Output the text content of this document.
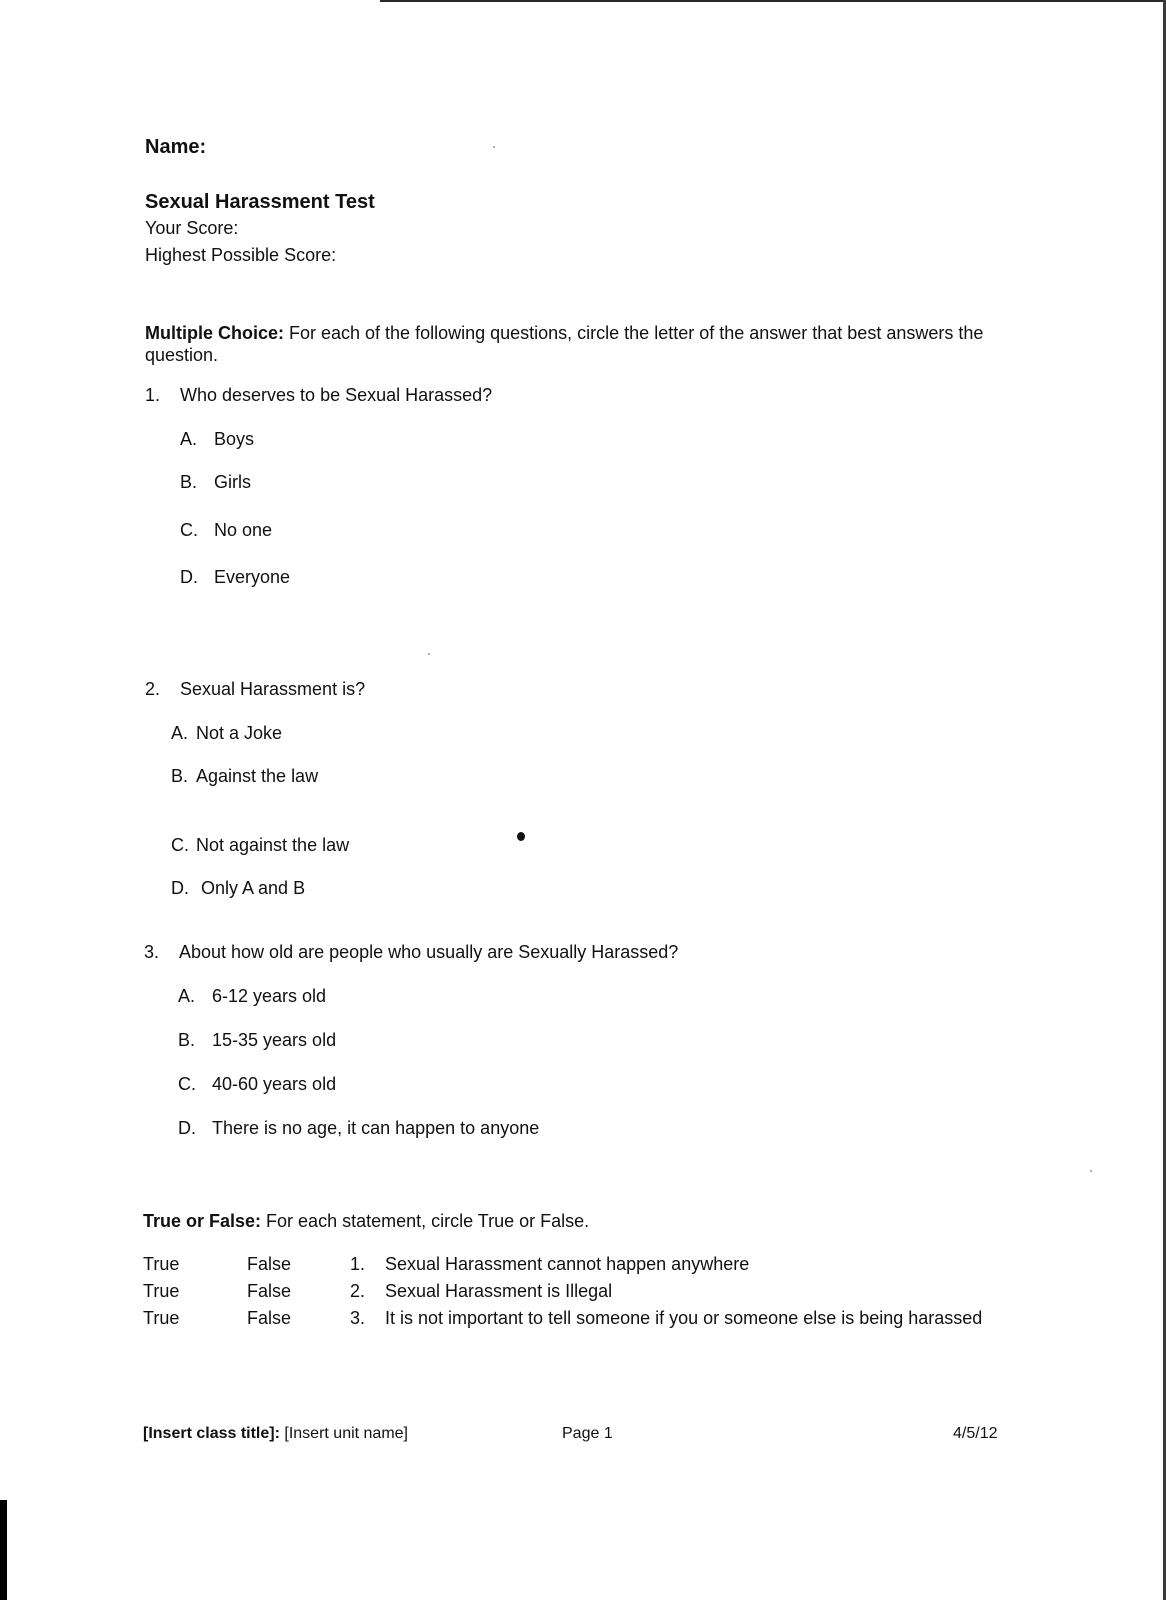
Name:
Sexual Harassment Test
Your Score:
Highest Possible Score:
Multiple Choice: For each of the following questions, circle the letter of the answer that best answers the question.
1. Who deserves to be Sexual Harassed?
A. Boys
B. Girls
C. No one
D. Everyone
2. Sexual Harassment is?
A. Not a Joke
B. Against the law
C. Not against the law
D. Only A and B
3. About how old are people who usually are Sexually Harassed?
A. 6-12 years old
B. 15-35 years old
C. 40-60 years old
D. There is no age, it can happen to anyone
True or False: For each statement, circle True or False.
True	False	1. Sexual Harassment cannot happen anywhere
True	False	2. Sexual Harassment is Illegal
True	False	3. It is not important to tell someone if you or someone else is being harassed
[Insert class title]: [Insert unit name]	Page 1	4/5/12
